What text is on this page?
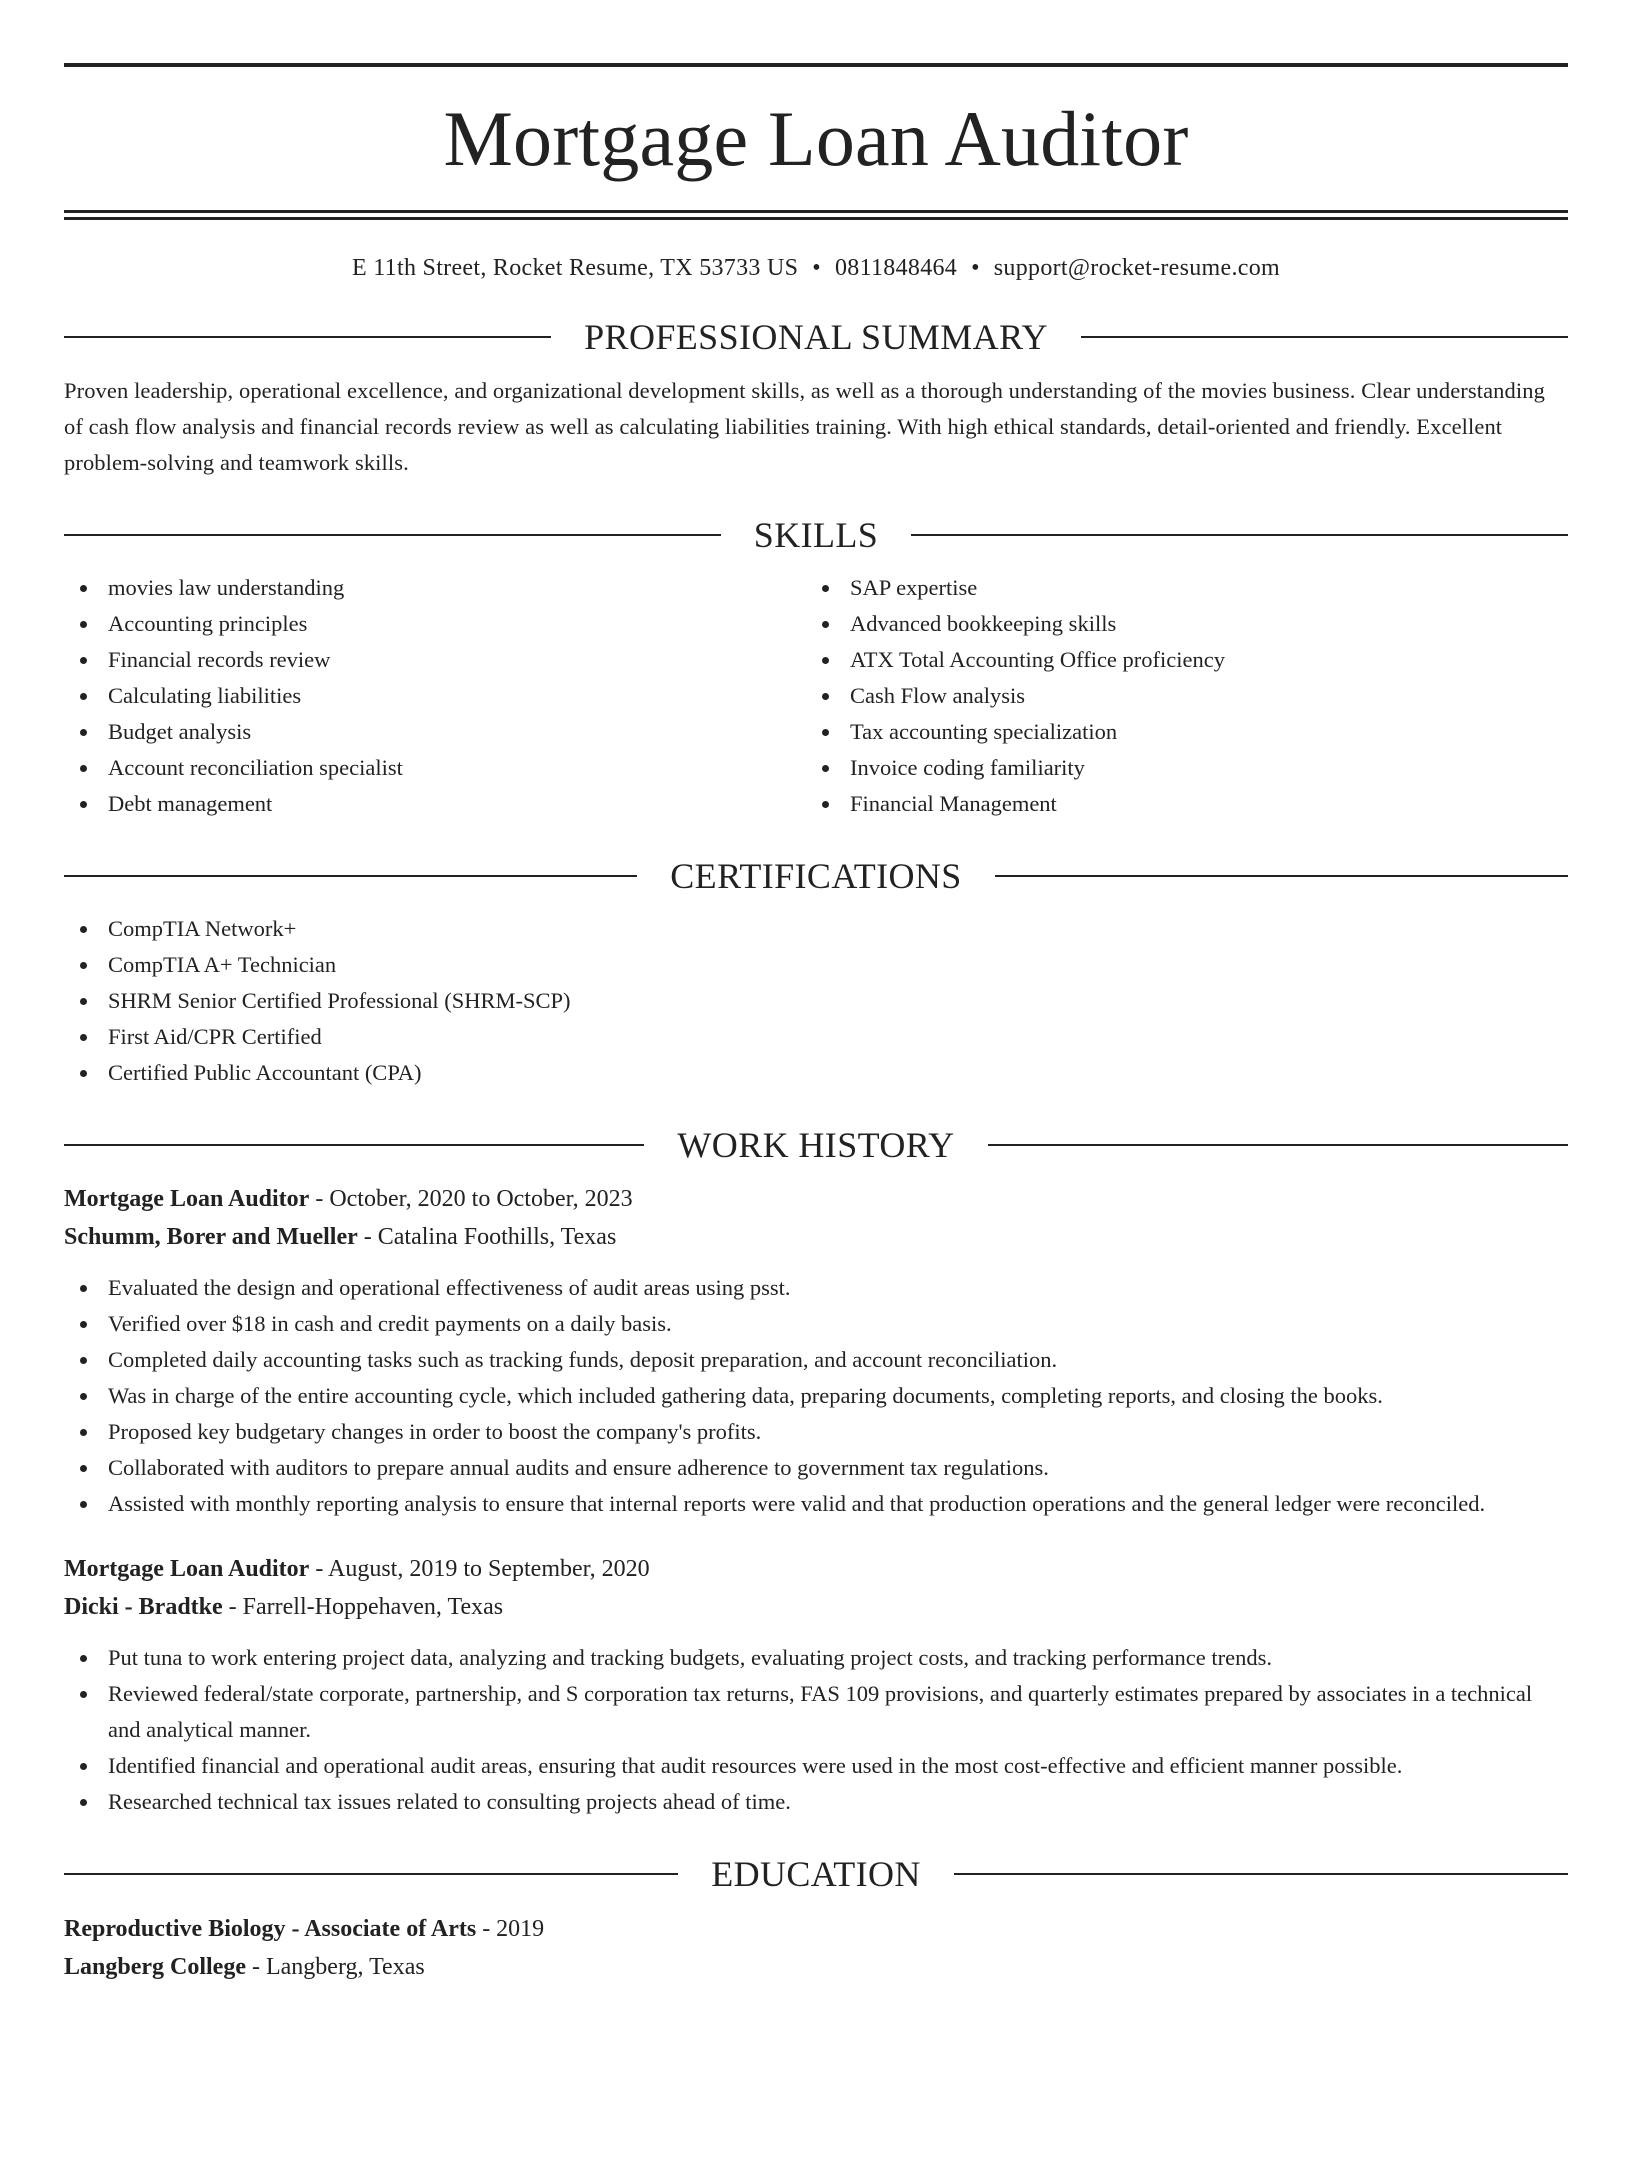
Mortgage Loan Auditor
E 11th Street, Rocket Resume, TX 53733 US • 0811848464 • support@rocket-resume.com
PROFESSIONAL SUMMARY
Proven leadership, operational excellence, and organizational development skills, as well as a thorough understanding of the movies business. Clear understanding of cash flow analysis and financial records review as well as calculating liabilities training. With high ethical standards, detail-oriented and friendly. Excellent problem-solving and teamwork skills.
SKILLS
movies law understanding
Accounting principles
Financial records review
Calculating liabilities
Budget analysis
Account reconciliation specialist
Debt management
SAP expertise
Advanced bookkeeping skills
ATX Total Accounting Office proficiency
Cash Flow analysis
Tax accounting specialization
Invoice coding familiarity
Financial Management
CERTIFICATIONS
CompTIA Network+
CompTIA A+ Technician
SHRM Senior Certified Professional (SHRM-SCP)
First Aid/CPR Certified
Certified Public Accountant (CPA)
WORK HISTORY
Mortgage Loan Auditor - October, 2020 to October, 2023
Schumm, Borer and Mueller - Catalina Foothills, Texas
Evaluated the design and operational effectiveness of audit areas using psst.
Verified over $18 in cash and credit payments on a daily basis.
Completed daily accounting tasks such as tracking funds, deposit preparation, and account reconciliation.
Was in charge of the entire accounting cycle, which included gathering data, preparing documents, completing reports, and closing the books.
Proposed key budgetary changes in order to boost the company's profits.
Collaborated with auditors to prepare annual audits and ensure adherence to government tax regulations.
Assisted with monthly reporting analysis to ensure that internal reports were valid and that production operations and the general ledger were reconciled.
Mortgage Loan Auditor - August, 2019 to September, 2020
Dicki - Bradtke - Farrell-Hoppehaven, Texas
Put tuna to work entering project data, analyzing and tracking budgets, evaluating project costs, and tracking performance trends.
Reviewed federal/state corporate, partnership, and S corporation tax returns, FAS 109 provisions, and quarterly estimates prepared by associates in a technical and analytical manner.
Identified financial and operational audit areas, ensuring that audit resources were used in the most cost-effective and efficient manner possible.
Researched technical tax issues related to consulting projects ahead of time.
EDUCATION
Reproductive Biology - Associate of Arts - 2019
Langberg College - Langberg, Texas
